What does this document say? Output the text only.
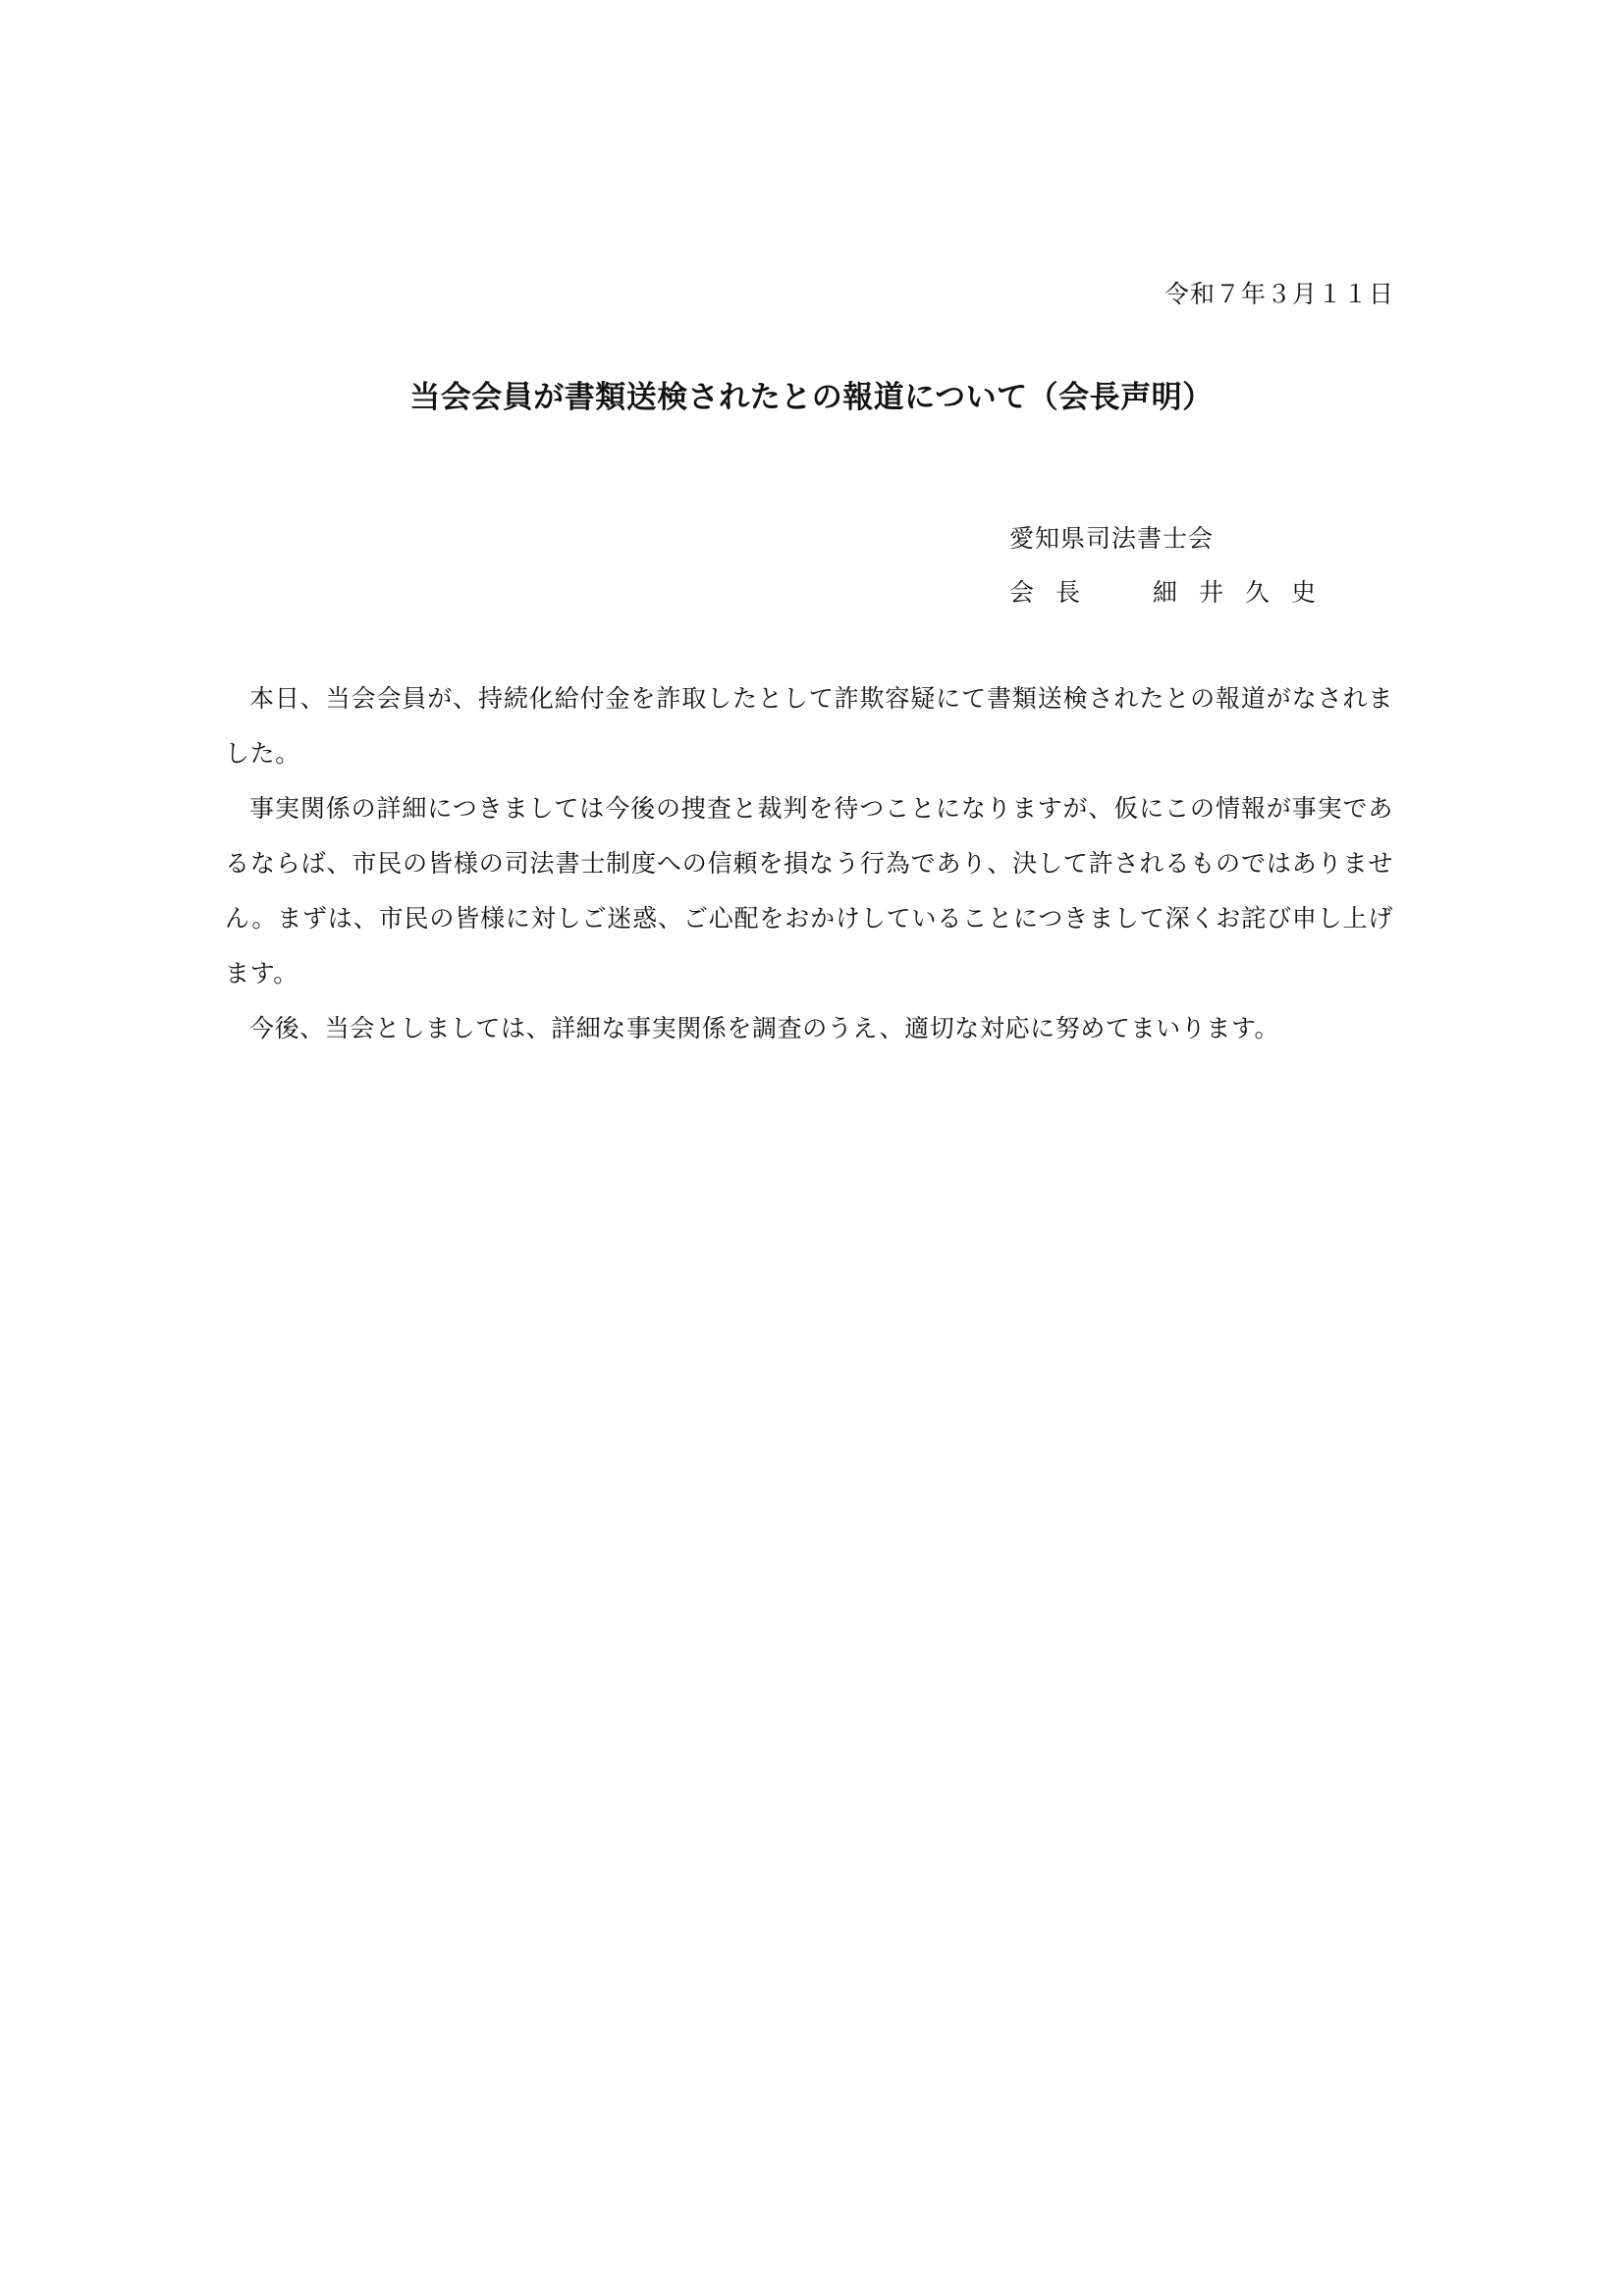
令和７年３月１１日
当会会員が書類送検されたとの報道について（会長声明）
愛知県司法書士会
会長 細井久史

本日、当会会員が、持続化給付金を詐取したとして詐欺容疑にて書類送検されたとの報道がなされました。

事実関係の詳細につきましては今後の捜査と裁判を待つことになりますが、仮にこの情報が事実であるならば、市民の皆様の司法書士制度への信頼を損なう行為であり、決して許されるものではありません。まずは、市民の皆様に対しご迷惑、ご心配をおかけしていることにつきまして深くお詫び申し上げます。

今後、当会としましては、詳細な事実関係を調査のうえ、適切な対応に努めてまいります。
